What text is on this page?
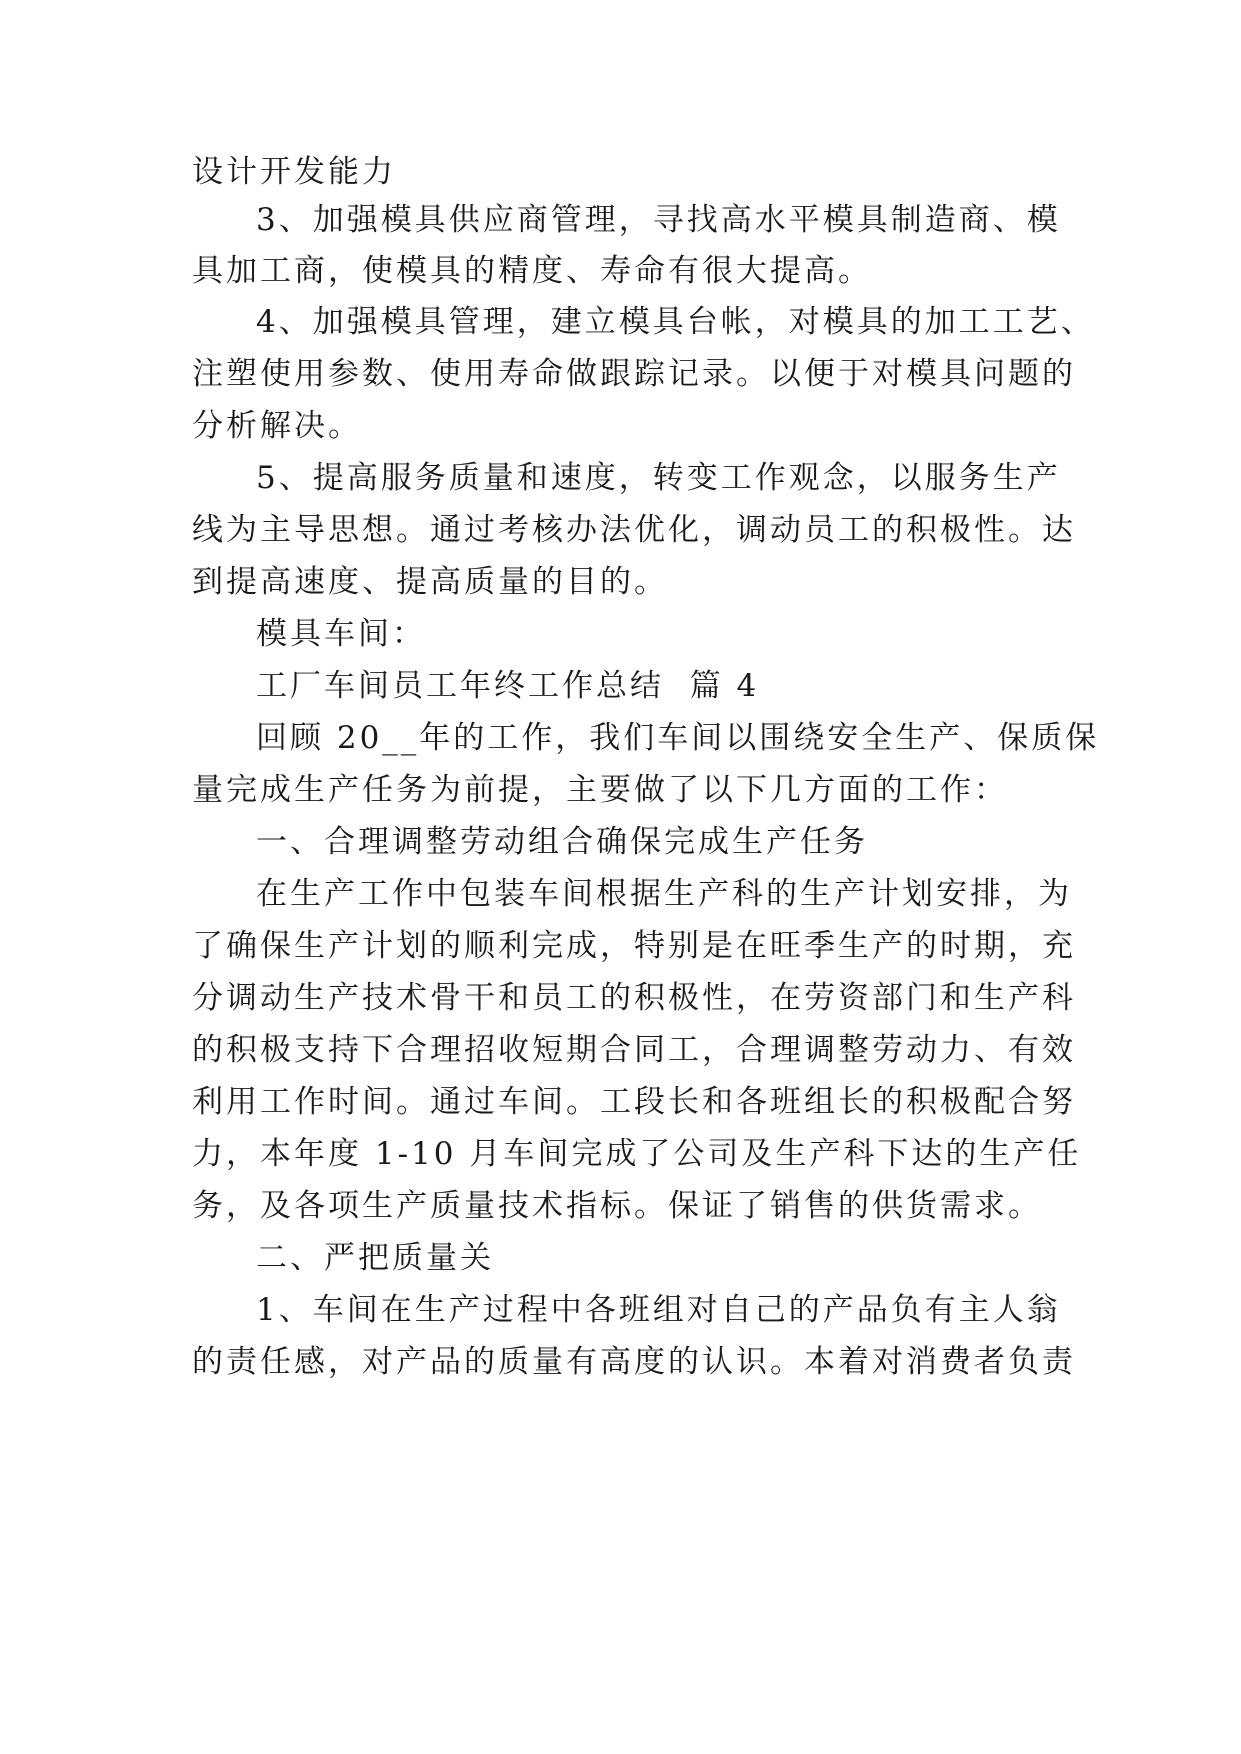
设计开发能力
3、加强模具供应商管理，寻找高水平模具制造商、模
具加工商，使模具的精度、寿命有很大提高。
4、加强模具管理，建立模具台帐，对模具的加工工艺、
注塑使用参数、使用寿命做跟踪记录。以便于对模具问题的
分析解决。
5、提高服务质量和速度，转变工作观念，以服务生产
线为主导思想。通过考核办法优化，调动员工的积极性。达
到提高速度、提高质量的目的。
模具车间：
工厂车间员工年终工作总结  篇 4
回顾 20__年的工作，我们车间以围绕安全生产、保质保
量完成生产任务为前提，主要做了以下几方面的工作：
一、合理调整劳动组合确保完成生产任务
在生产工作中包装车间根据生产科的生产计划安排，为
了确保生产计划的顺利完成，特别是在旺季生产的时期，充
分调动生产技术骨干和员工的积极性，在劳资部门和生产科
的积极支持下合理招收短期合同工，合理调整劳动力、有效
利用工作时间。通过车间。工段长和各班组长的积极配合努
力，本年度 1-10 月车间完成了公司及生产科下达的生产任
务，及各项生产质量技术指标。保证了销售的供货需求。
二、严把质量关
1、车间在生产过程中各班组对自己的产品负有主人翁
的责任感，对产品的质量有高度的认识。本着对消费者负责
